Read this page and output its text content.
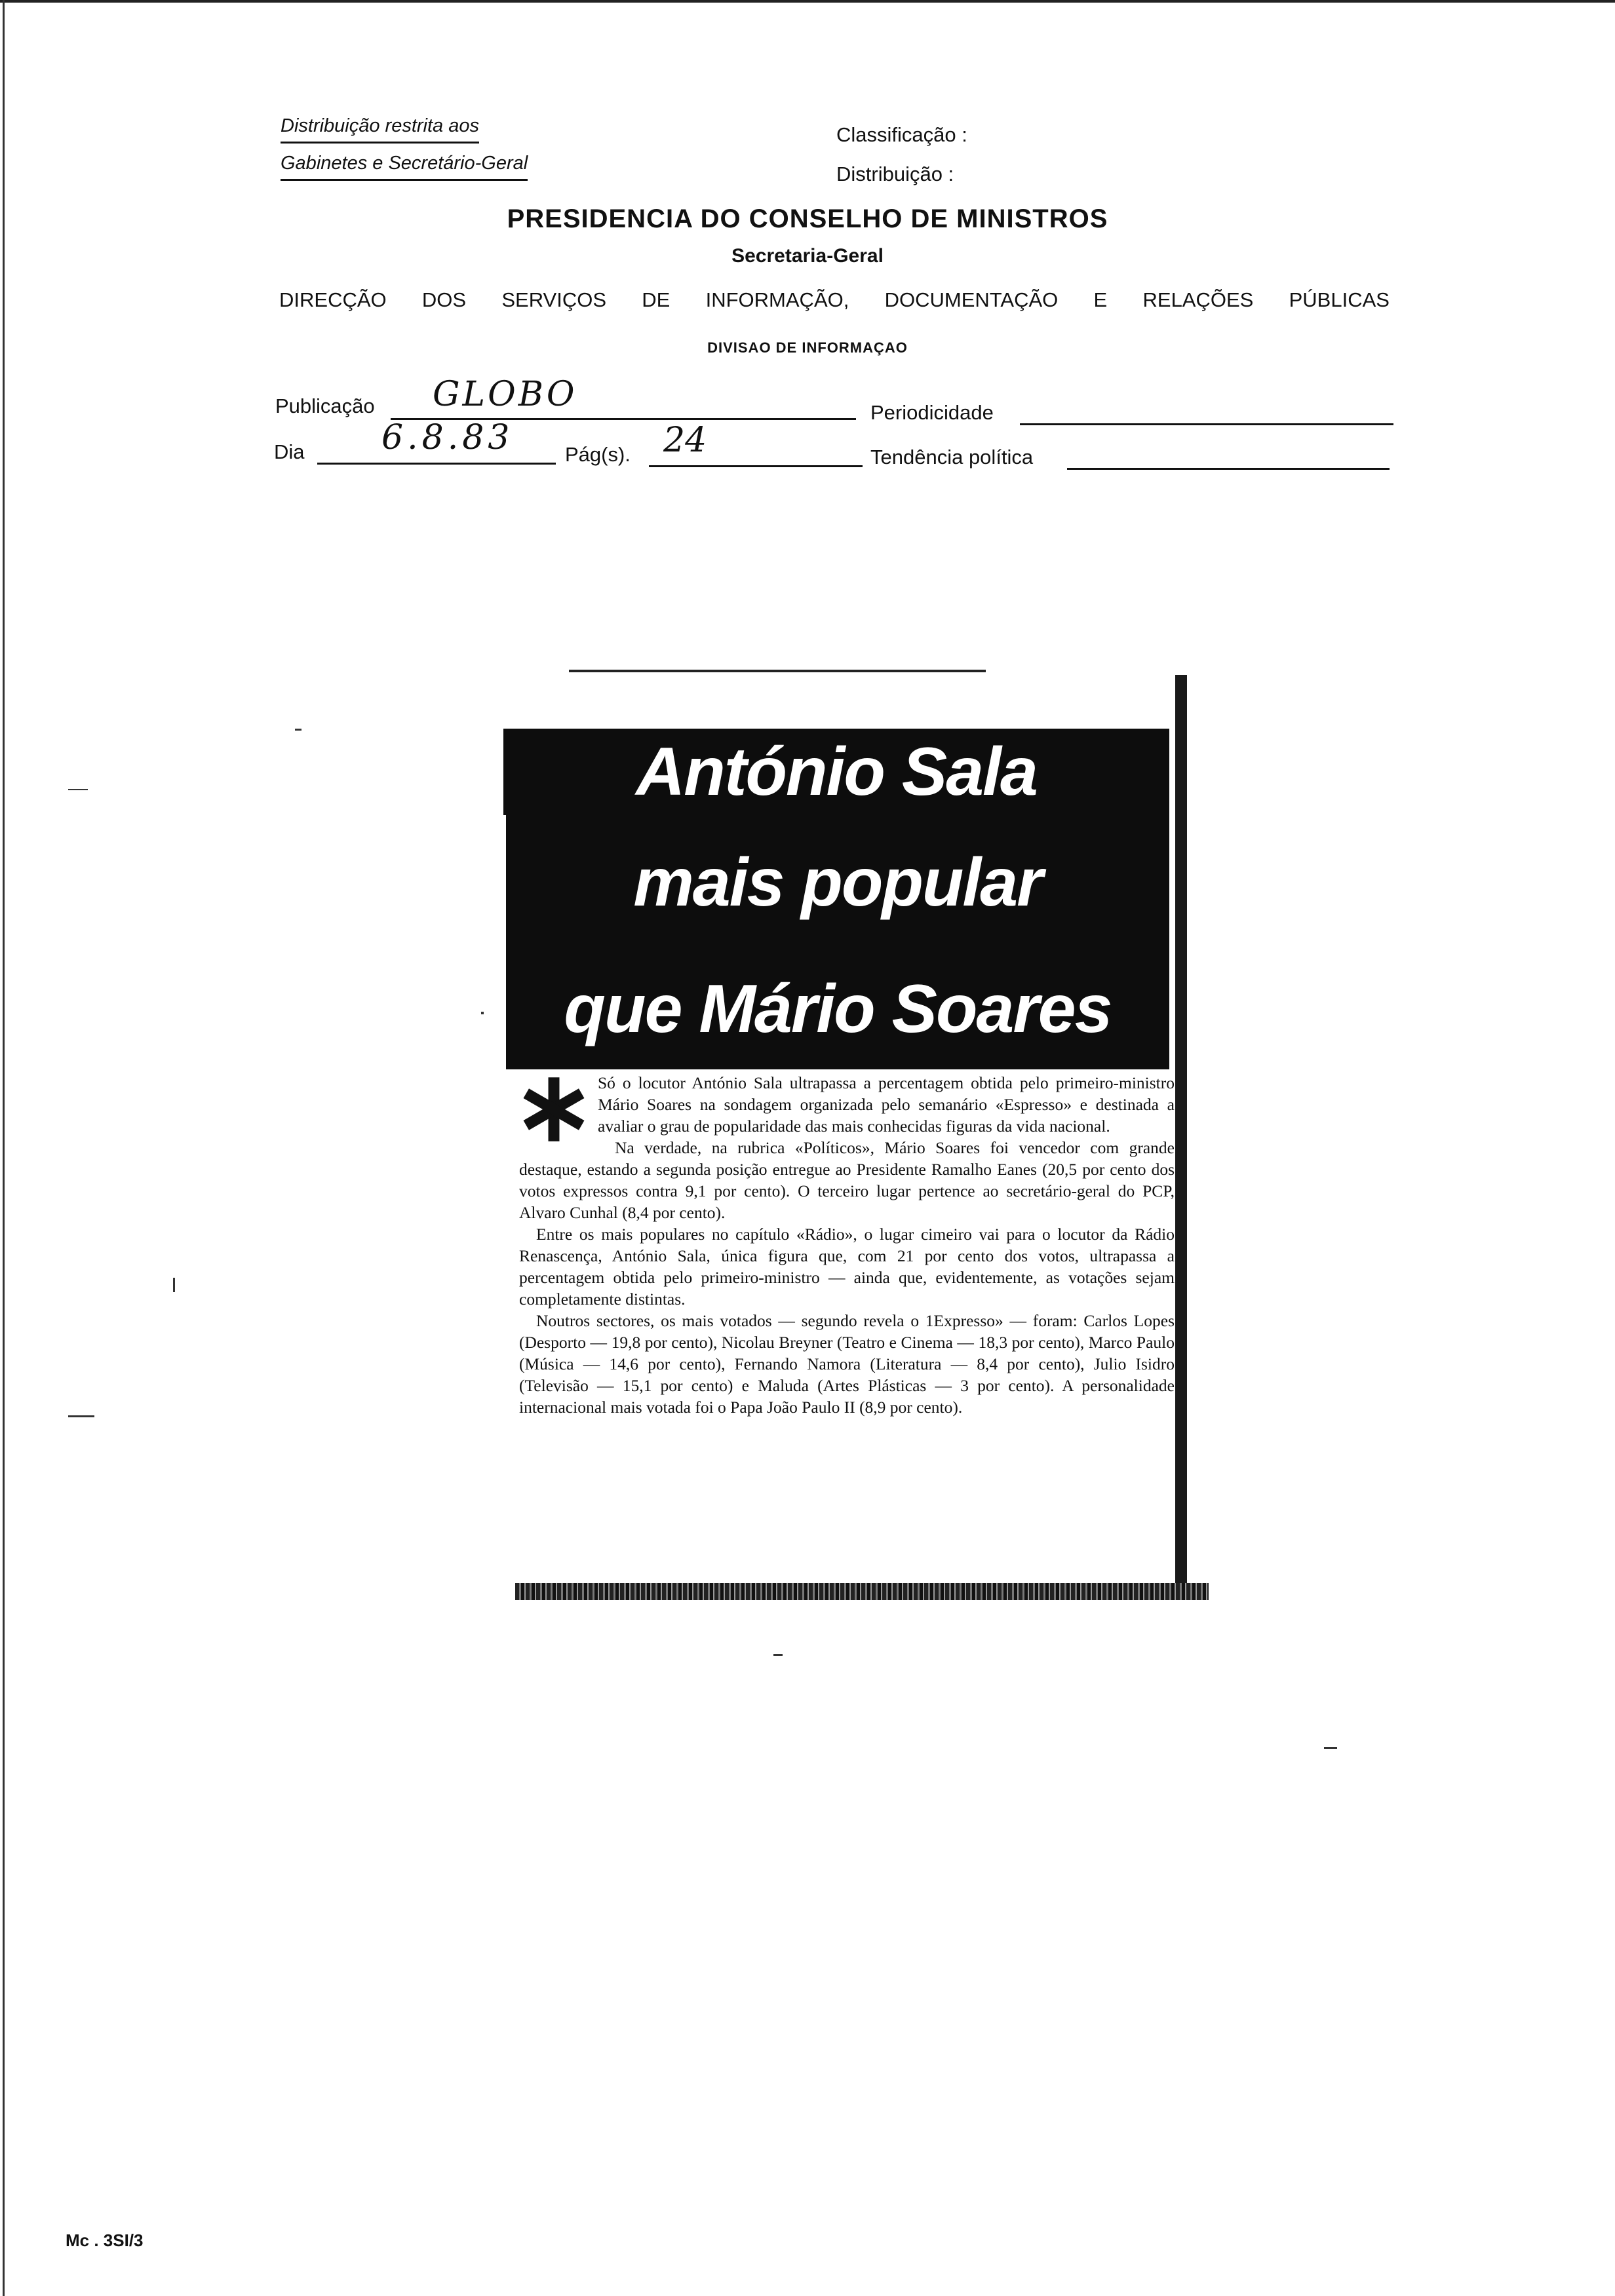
Distribuição restrita aos
Gabinetes e Secretário-Geral
Classificação :
Distribuição :
PRESIDENCIA DO CONSELHO DE MINISTROS
Secretaria-Geral
DIRECÇÃO DOS SERVIÇOS DE INFORMAÇÃO, DOCUMENTAÇÃO E RELAÇÕES PÚBLICAS
DIVISAO DE INFORMAÇAO
Publicação GLOBO	Periodicidade
Dia 6.8.83	Pág(s). 24	Tendência política
António Sala
mais popular
que Mário Soares

Só o locutor António Sala ultrapassa a percentagem obtida pelo primeiro-ministro Mário Soares na sondagem organizada pelo semanário «Espresso» e destinada a avaliar o grau de popularidade das mais conhecidas figuras da vida nacional.

Na verdade, na rubrica «Políticos», Mário Soares foi vencedor com grande destaque, estando a segunda posição entregue ao Presidente Ramalho Eanes (20,5 por cento dos votos expressos contra 9,1 por cento). O terceiro lugar pertence ao secretário-geral do PCP, Alvaro Cunhal (8,4 por cento).

Entre os mais populares no capítulo «Rádio», o lugar cimeiro vai para o locutor da Rádio Renascença, António Sala, única figura que, com 21 por cento dos votos, ultrapassa a percentagem obtida pelo primeiro-ministro — ainda que, evidentemente, as votações sejam completamente distintas.

Noutros sectores, os mais votados — segundo revela o 1Expresso» — foram: Carlos Lopes (Desporto — 19,8 por cento), Nicolau Breyner (Teatro e Cinema — 18,3 por cento), Marco Paulo (Música — 14,6 por cento), Fernando Namora (Literatura — 8,4 por cento), Julio Isidro (Televisão — 15,1 por cento) e Maluda (Artes Plásticas — 3 por cento). A personalidade internacional mais votada foi o Papa João Paulo II (8,9 por cento).

Mc . 3SI/3
